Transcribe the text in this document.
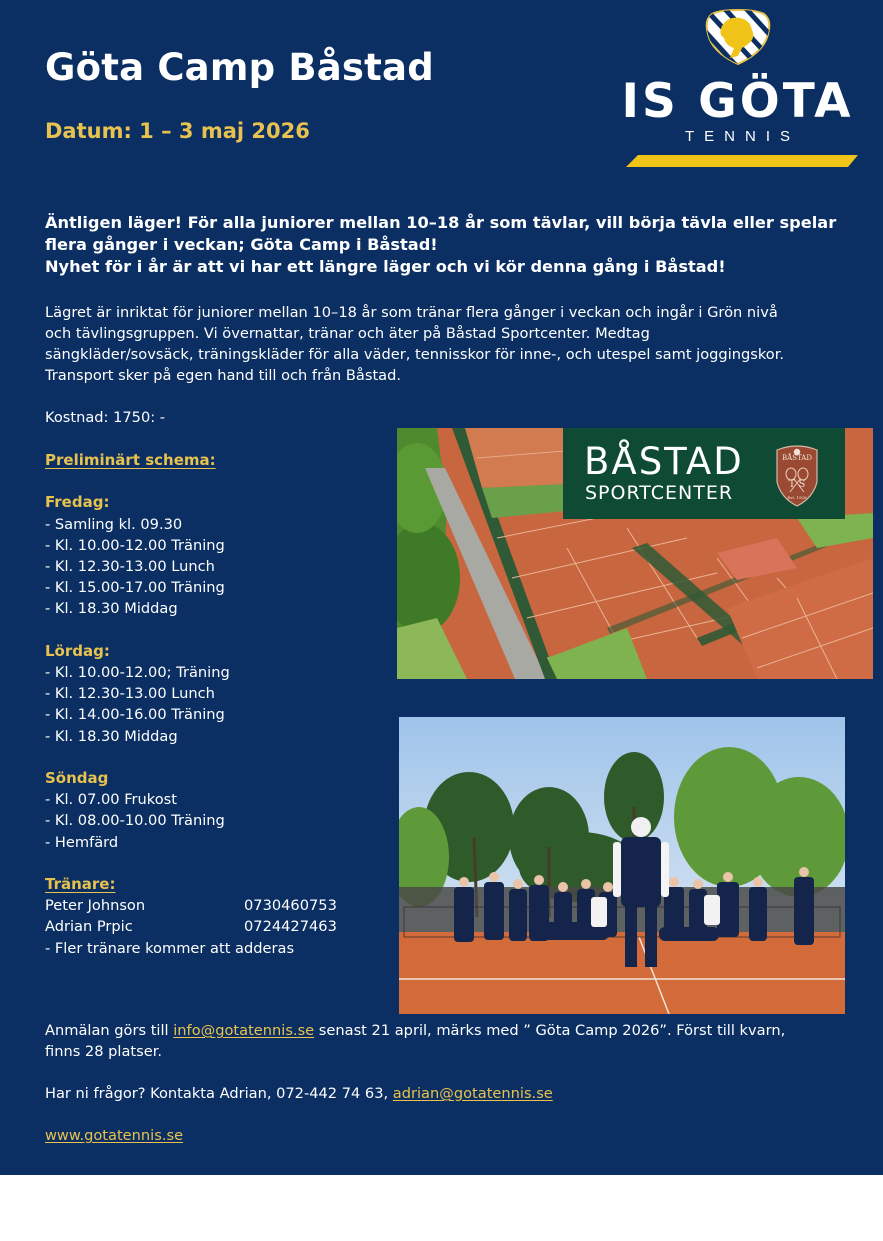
Göta Camp Båstad
Datum: 1 – 3 maj 2026
IS GÖTA
TENNIS

Äntligen läger! För alla juniorer mellan 10–18 år som tävlar, vill börja tävla eller spelar

flera gånger i veckan; Göta Camp i Båstad!

Nyhet för i år är att vi har ett längre läger och vi kör denna gång i Båstad!

Lägret är inriktat för juniorer mellan 10–18 år som tränar flera gånger i veckan och ingår i Grön nivå
och tävlingsgruppen. Vi övernattar, tränar och äter på Båstad Sportcenter. Medtag
sängkläder/sovsäck, träningskläder för alla väder, tennisskor för inne-, och utespel samt joggingskor.
Transport sker på egen hand till och från Båstad.
Kostnad: 1750: -
Preliminärt schema:
Fredag:
- Samling kl. 09.30
- Kl. 10.00-12.00 Träning
- Kl. 12.30-13.00 Lunch
- Kl. 15.00-17.00 Träning
- Kl. 18.30 Middag
Lördag:
- Kl. 10.00-12.00; Träning
- Kl. 12.30-13.00 Lunch
- Kl. 14.00-16.00 Träning
- Kl. 18.30 Middag
Söndag
- Kl. 07.00 Frukost
- Kl. 08.00-10.00 Träning
- Hemfärd
Tränare:
Peter Johnson	0730460753
Adrian Prpic	0724427463
- Fler tränare kommer att adderas
BÅSTAD
SPORTCENTER
BÅSTAD
T S
Est. 1928

Anmälan görs till info@gotatennis.se senast 21 april, märks med ” Göta Camp 2026”. Först till kvarn,

finns 28 platser.

Har ni frågor? Kontakta Adrian, 072-442 74 63, adrian@gotatennis.se

www.gotatennis.se
